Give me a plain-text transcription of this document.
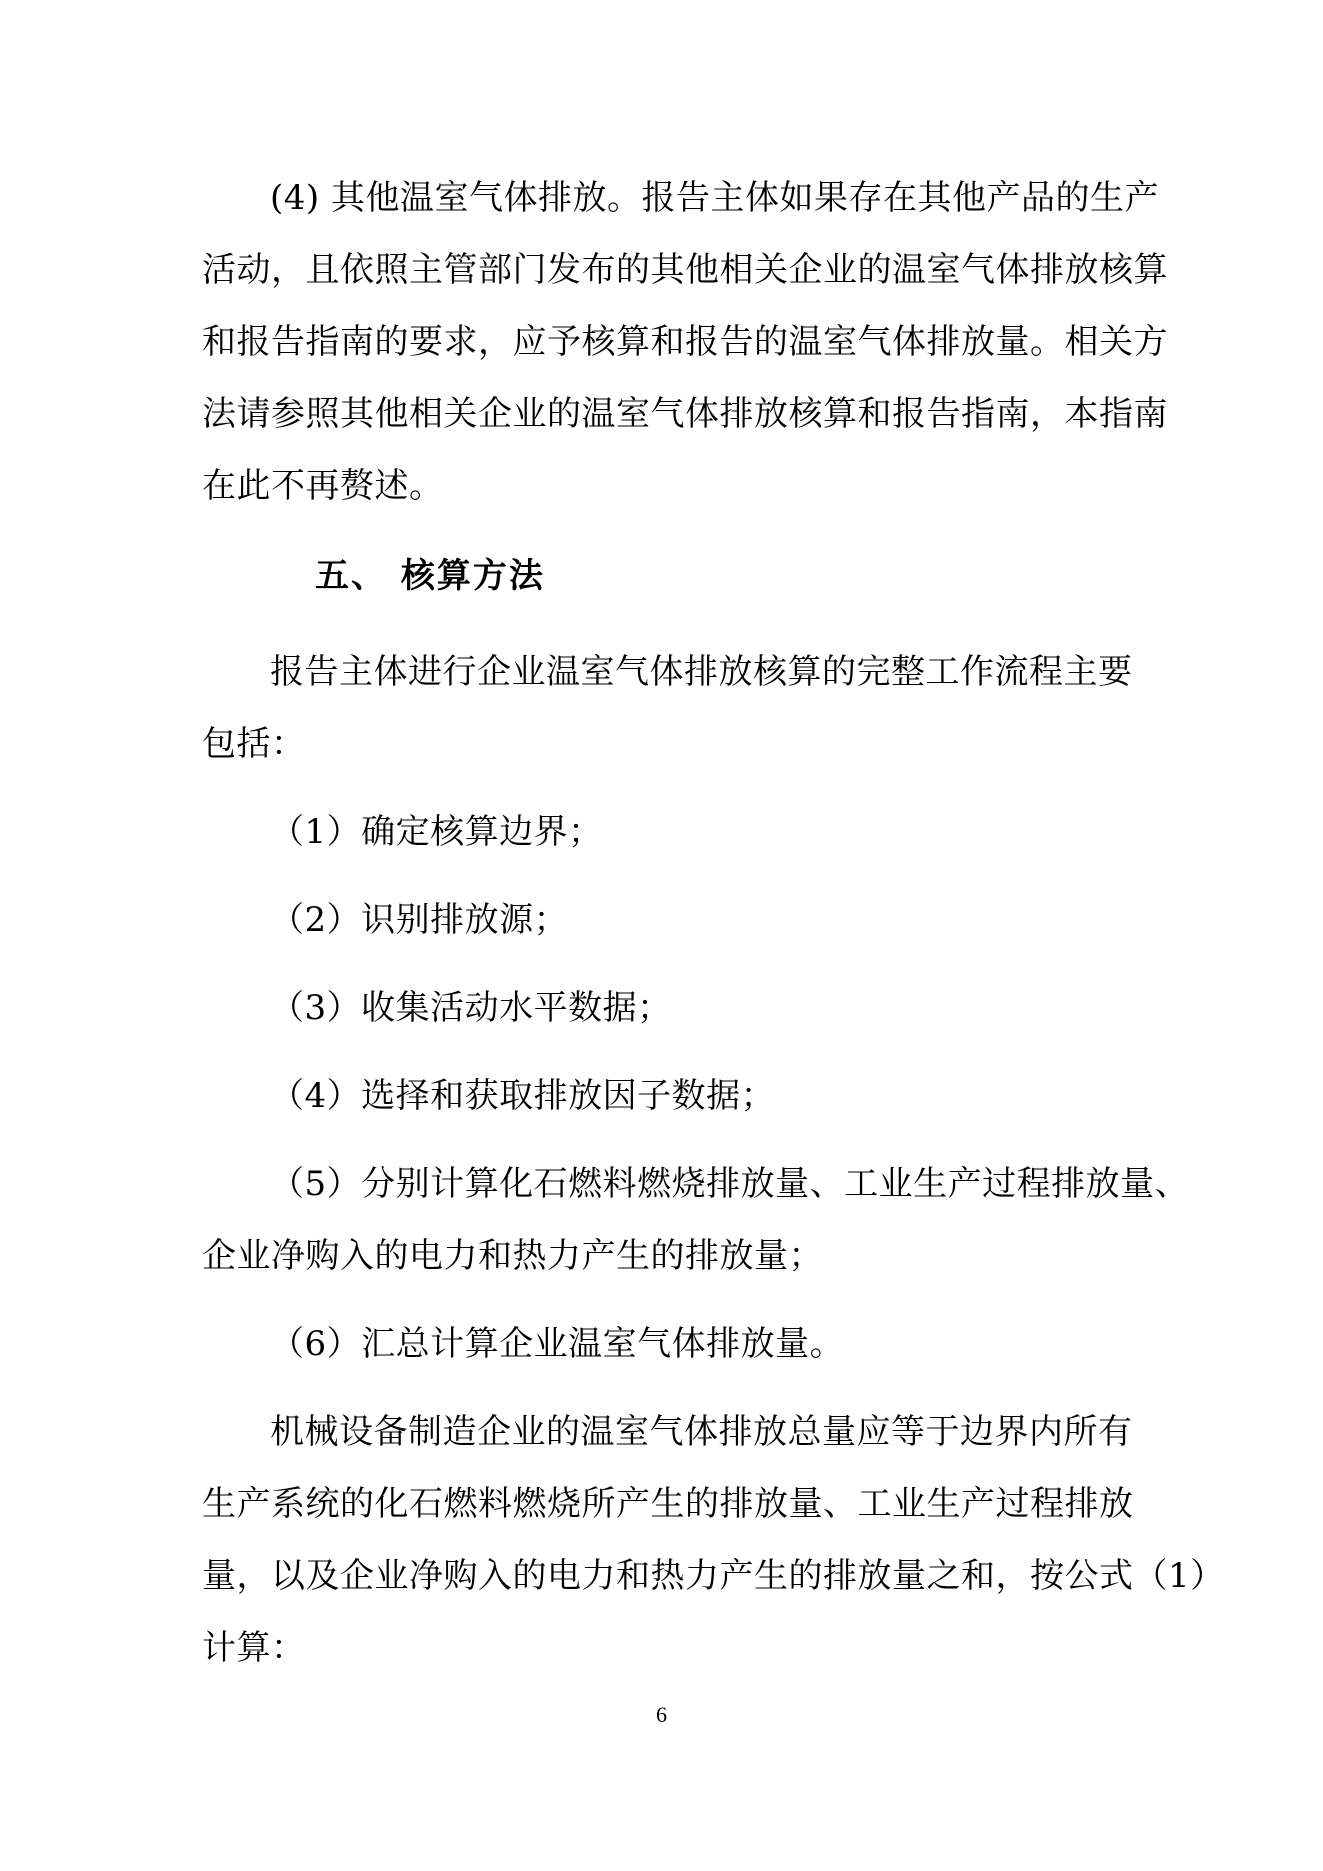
(4) 其他温室气体排放。报告主体如果存在其他产品的生产
活动，且依照主管部门发布的其他相关企业的温室气体排放核算
和报告指南的要求，应予核算和报告的温室气体排放量。相关方
法请参照其他相关企业的温室气体排放核算和报告指南，本指南
在此不再赘述。
五、 核算方法
报告主体进行企业温室气体排放核算的完整工作流程主要
包括：
（1）确定核算边界；
（2）识别排放源；
（3）收集活动水平数据；
（4）选择和获取排放因子数据；
（5）分别计算化石燃料燃烧排放量、工业生产过程排放量、
企业净购入的电力和热力产生的排放量；
（6）汇总计算企业温室气体排放量。
机械设备制造企业的温室气体排放总量应等于边界内所有
生产系统的化石燃料燃烧所产生的排放量、工业生产过程排放
量，以及企业净购入的电力和热力产生的排放量之和，按公式（1）
计算：
6
